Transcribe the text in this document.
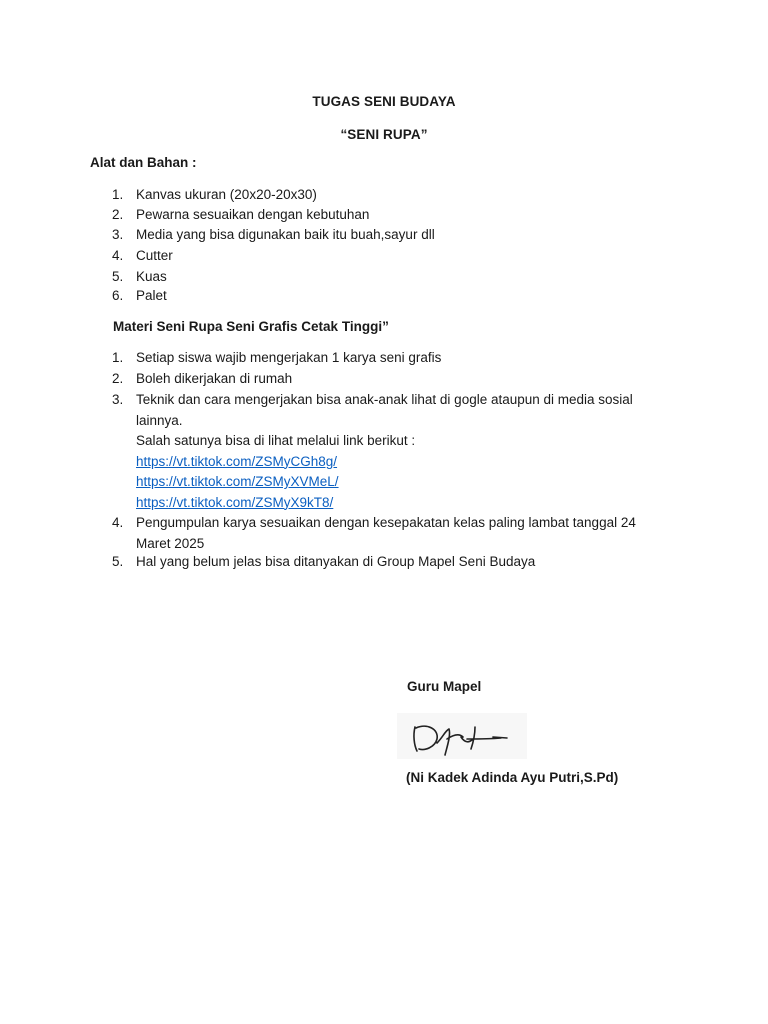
TUGAS SENI BUDAYA
“SENI RUPA”
Alat dan Bahan :
1. Kanvas ukuran (20x20-20x30)
2. Pewarna sesuaikan dengan kebutuhan
3. Media yang bisa digunakan baik itu buah,sayur dll
4. Cutter
5. Kuas
6. Palet
Materi Seni Rupa Seni Grafis Cetak Tinggi”
1. Setiap siswa wajib mengerjakan 1 karya seni grafis
2. Boleh dikerjakan di rumah
3. Teknik dan cara mengerjakan bisa anak-anak lihat di gogle ataupun di media sosial
lainnya.
Salah satunya bisa di lihat melalui link berikut :
https://vt.tiktok.com/ZSMyCGh8g/
https://vt.tiktok.com/ZSMyXVMeL/
https://vt.tiktok.com/ZSMyX9kT8/
4. Pengumpulan karya sesuaikan dengan kesepakatan kelas paling lambat tanggal 24
Maret 2025
5. Hal yang belum jelas bisa ditanyakan di Group Mapel Seni Budaya
Guru Mapel
(Ni Kadek Adinda Ayu Putri,S.Pd)
